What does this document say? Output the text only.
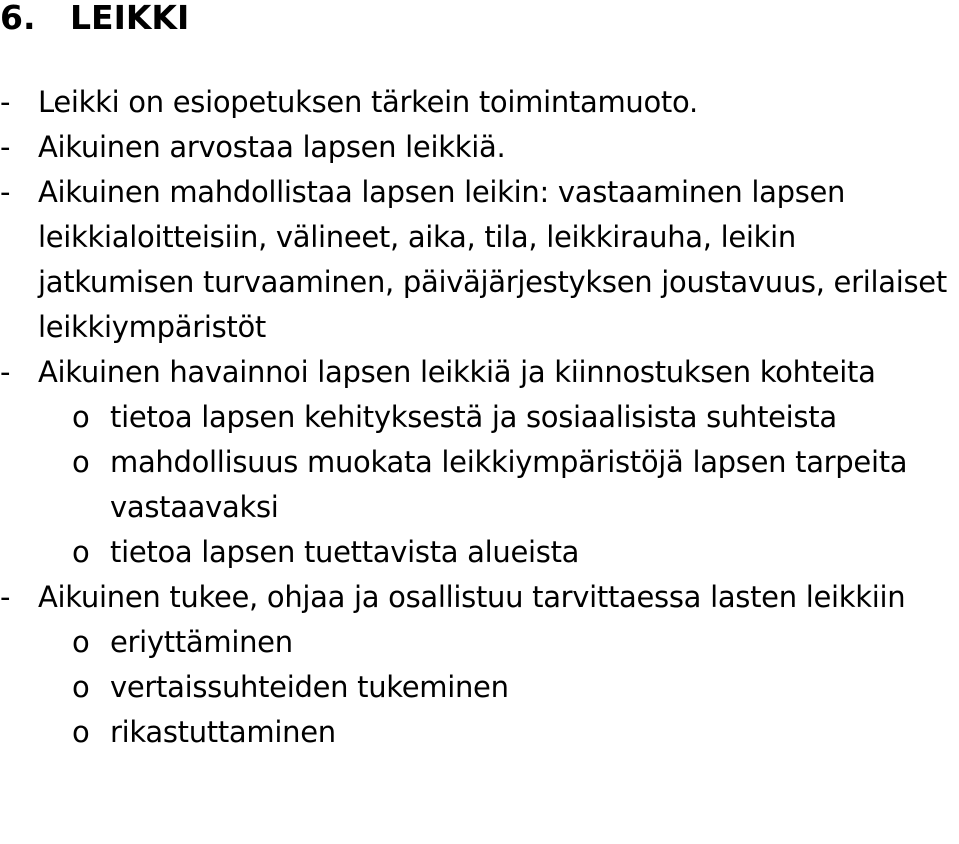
6. LEIKKI

- Leikki on esiopetuksen tärkein toimintamuoto.

- Aikuinen arvostaa lapsen leikkiä.

- Aikuinen mahdollistaa lapsen leikin: vastaaminen lapsen leikkialoitteisiin, välineet, aika, tila, leikkirauha, leikin jatkumisen turvaaminen, päiväjärjestyksen joustavuus, erilaiset leikkiympäristöt

- Aikuinen havainnoi lapsen leikkiä ja kiinnostuksen kohteita

o tietoa lapsen kehityksestä ja sosiaalisista suhteista

o mahdollisuus muokata leikkiympäristöjä lapsen tarpeita vastaavaksi

o tietoa lapsen tuettavista alueista

- Aikuinen tukee, ohjaa ja osallistuu tarvittaessa lasten leikkiin

o eriyttäminen

o vertaissuhteiden tukeminen

o rikastuttaminen
